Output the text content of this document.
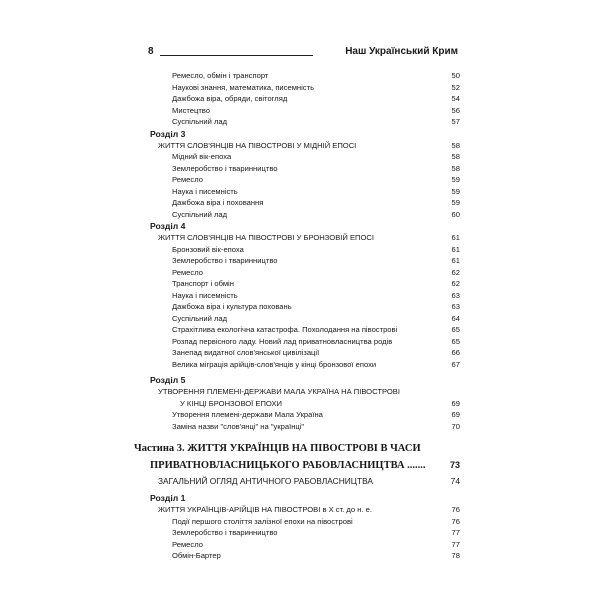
8	Наш Український Крим
Ремесло, обмін і транспорт	50
Наукові знання, математика, писемність	52
Дажбожа віра, обряди, світогляд	54
Мистецтво	56
Суспільний лад	57
Розділ 3
ЖИТТЯ СЛОВ'ЯНЦІВ НА ПІВОСТРОВІ У МІДНІЙ ЕПОСІ	58
Мідний вік-епоха	58
Землеробство і тваринництво	58
Ремесло	59
Наука і писемність	59
Дажбожа віра і поховання	59
Суспільний лад	60
Розділ 4
ЖИТТЯ СЛОВ'ЯНЦІВ НА ПІВОСТРОВІ У БРОНЗОВІЙ ЕПОСІ	61
Бронзовий вік-епоха	61
Землеробство і тваринництво	61
Ремесло	62
Транспорт і обмін	62
Наука і писемність	63
Дажбожа віра і культура поховань	63
Суспільний лад	64
Страхітлива екологічна катастрофа. Похолодання на півострові	65
Розпад первісного ладу. Новий лад приватновласництва родів	65
Занепад видатної слов'янської цивілізації	66
Велика міграція арійців-слов'янців у кінці бронзової епохи	67
Розділ 5
УТВОРЕННЯ ПЛЕМЕНІ-ДЕРЖАВИ МАЛА УКРАЇНА НА ПІВОСТРОВІ
У КІНЦІ БРОНЗОВОЇ ЕПОХИ	69
Утворення племені-держави Мала Україна	69
Заміна назви "слов'янці" на "українці"	70
Частина 3. ЖИТТЯ УКРАЇНЦІВ НА ПІВОСТРОВІ В ЧАСИ
ПРИВАТНОВЛАСНИЦЬКОГО РАБОВЛАСНИЦТВА .......	73
ЗАГАЛЬНИЙ ОГЛЯД АНТИЧНОГО РАБОВЛАСНИЦТВА	74
Розділ 1
ЖИТТЯ УКРАЇНЦІВ-АРІЙЦІВ НА ПІВОСТРОВІ в Х ст. до н. е.	76
Події першого століття залізної епохи на півострові	76
Землеробство і тваринництво	77
Ремесло	77
Обмін-Бартер	78
